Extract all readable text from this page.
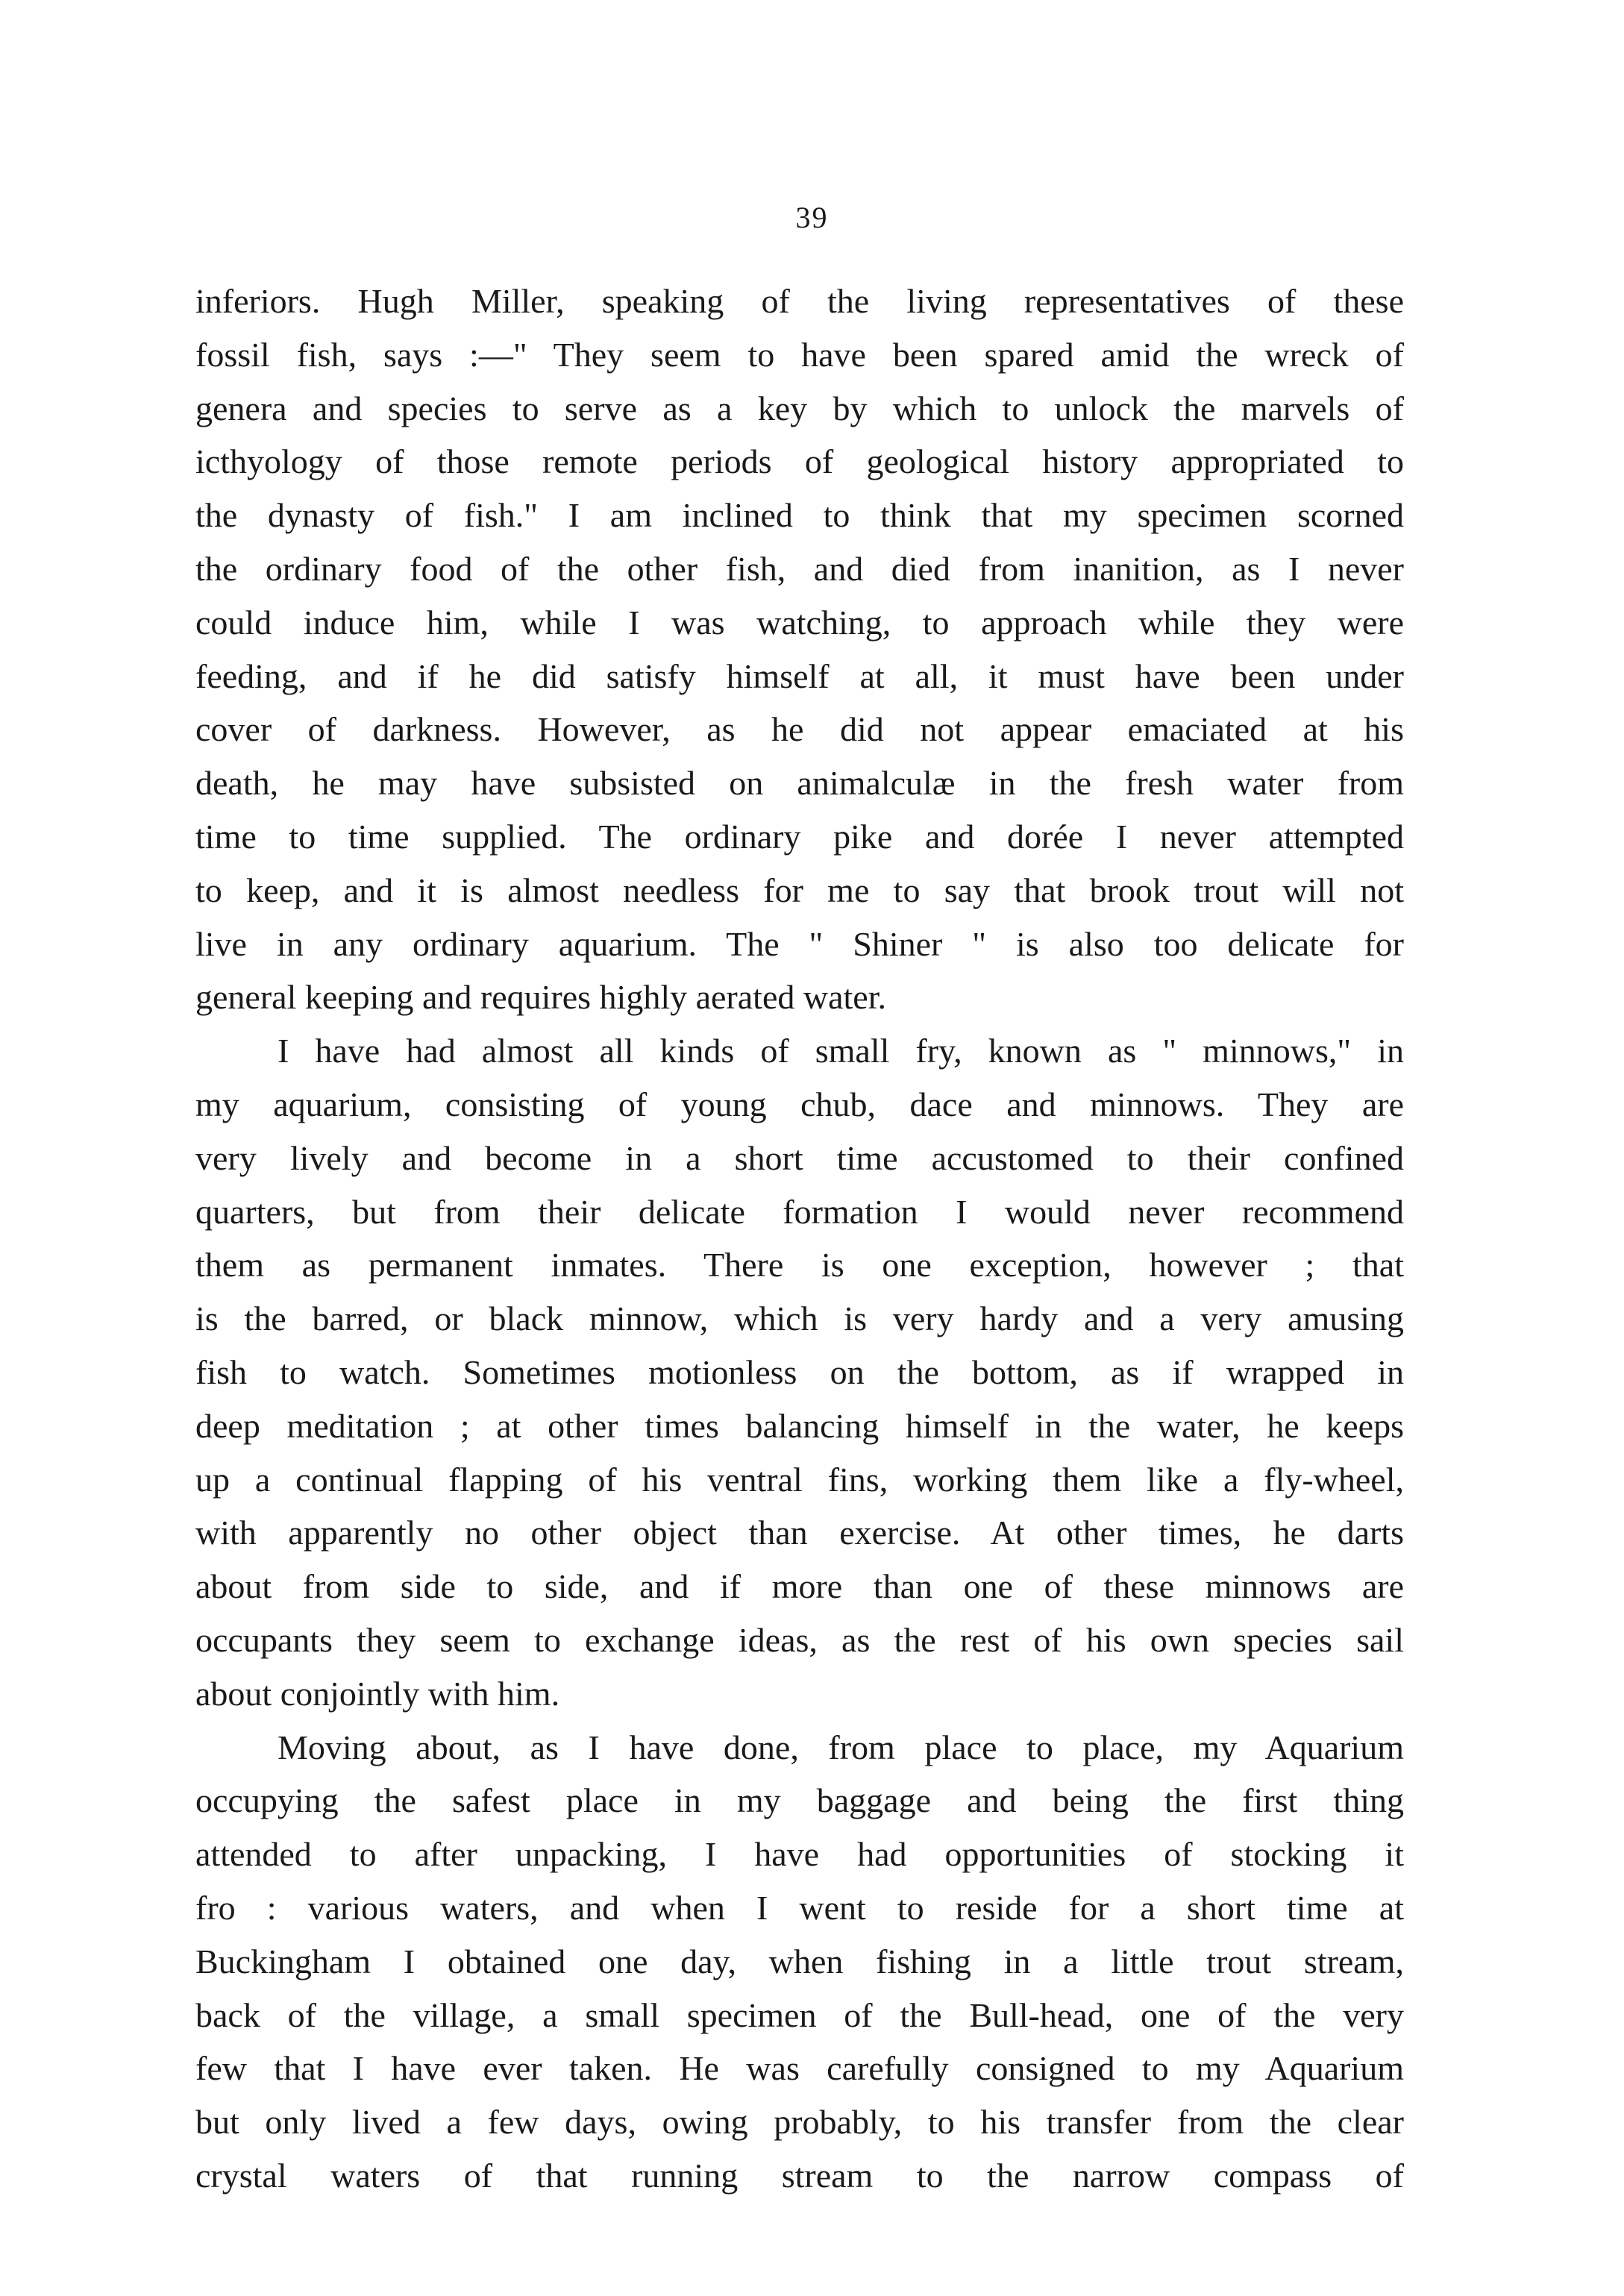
39
inferiors. Hugh Miller, speaking of the living representatives of these
fossil fish, says :—" They seem to have been spared amid the wreck of
genera and species to serve as a key by which to unlock the marvels of
icthyology of those remote periods of geological history appropriated to
the dynasty of fish." I am inclined to think that my specimen scorned
the ordinary food of the other fish, and died from inanition, as I never
could induce him, while I was watching, to approach while they were
feeding, and if he did satisfy himself at all, it must have been under
cover of darkness. However, as he did not appear emaciated at his
death, he may have subsisted on animalculæ in the fresh water from
time to time supplied. The ordinary pike and dorée I never attempted
to keep, and it is almost needless for me to say that brook trout will not
live in any ordinary aquarium. The " Shiner " is also too delicate for
general keeping and requires highly aerated water.
I have had almost all kinds of small fry, known as " minnows," in
my aquarium, consisting of young chub, dace and minnows. They are
very lively and become in a short time accustomed to their confined
quarters, but from their delicate formation I would never recommend
them as permanent inmates. There is one exception, however ; that
is the barred, or black minnow, which is very hardy and a very amusing
fish to watch. Sometimes motionless on the bottom, as if wrapped in
deep meditation ; at other times balancing himself in the water, he keeps
up a continual flapping of his ventral fins, working them like a fly-wheel,
with apparently no other object than exercise. At other times, he darts
about from side to side, and if more than one of these minnows are
occupants they seem to exchange ideas, as the rest of his own species sail
about conjointly with him.
Moving about, as I have done, from place to place, my Aquarium
occupying the safest place in my baggage and being the first thing
attended to after unpacking, I have had opportunities of stocking it
fro : various waters, and when I went to reside for a short time at
Buckingham I obtained one day, when fishing in a little trout stream,
back of the village, a small specimen of the Bull-head, one of the very
few that I have ever taken. He was carefully consigned to my Aquarium
but only lived a few days, owing probably, to his transfer from the clear
crystal waters of that running stream to the narrow compass of
